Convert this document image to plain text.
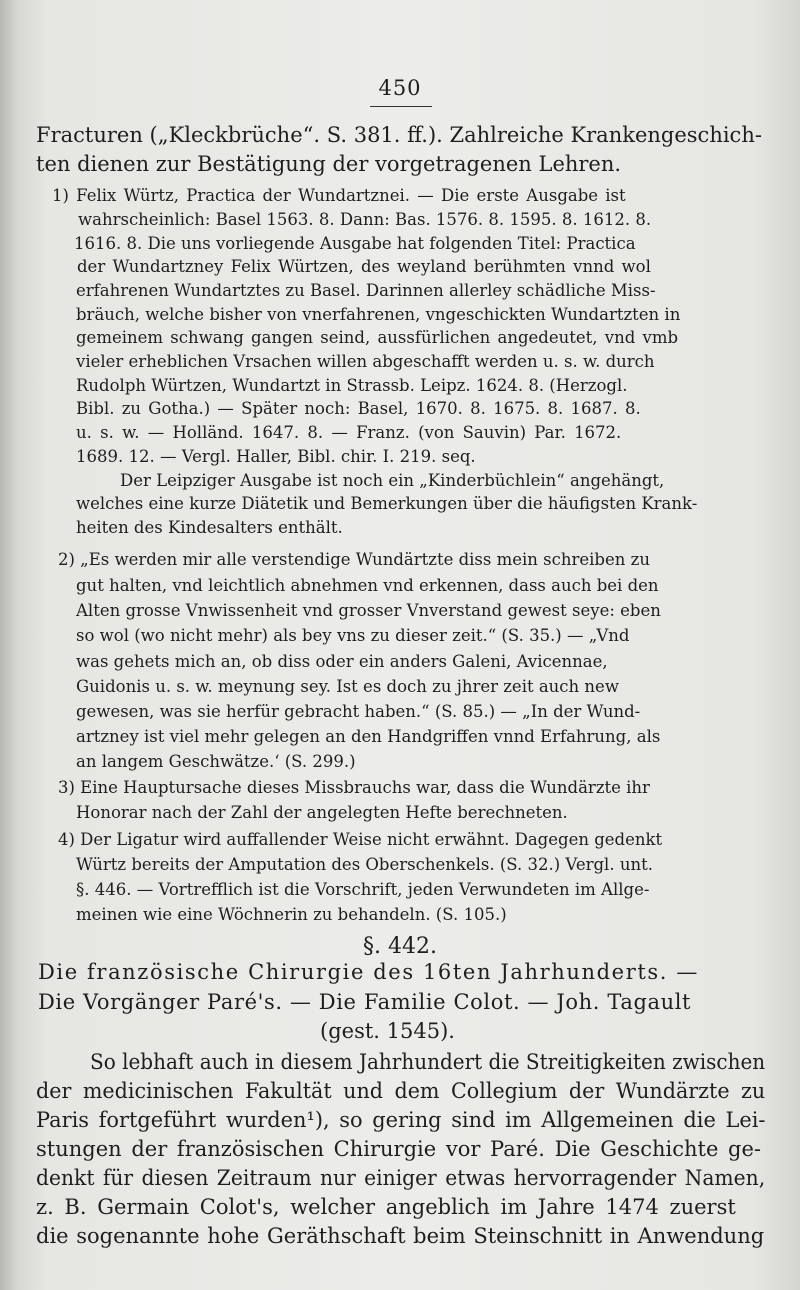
450
Fracturen („Kleckbrüche“. S. 381. ff.). Zahlreiche Krankengeschich-
ten dienen zur Bestätigung der vorgetragenen Lehren.
1) Felix Würtz, Practica der Wundartznei. — Die erste Ausgabe ist
wahrscheinlich: Basel 1563. 8. Dann: Bas. 1576. 8. 1595. 8. 1612. 8.
1616. 8. Die uns vorliegende Ausgabe hat folgenden Titel: Practica
der Wundartzney Felix Würtzen, des weyland berühmten vnnd wol
erfahrenen Wundartztes zu Basel. Darinnen allerley schädliche Miss-
bräuch, welche bisher von vnerfahrenen, vngeschickten Wundartzten in
gemeinem schwang gangen seind, aussfürlichen angedeutet, vnd vmb
vieler erheblichen Vrsachen willen abgeschafft werden u. s. w. durch
Rudolph Würtzen, Wundartzt in Strassb. Leipz. 1624. 8. (Herzogl.
Bibl. zu Gotha.) — Später noch: Basel, 1670. 8. 1675. 8. 1687. 8.
u. s. w. — Holländ. 1647. 8. — Franz. (von Sauvin) Par. 1672.
1689. 12. — Vergl. Haller, Bibl. chir. I. 219. seq.
Der Leipziger Ausgabe ist noch ein „Kinderbüchlein“ angehängt,
welches eine kurze Diätetik und Bemerkungen über die häufigsten Krank-
heiten des Kindesalters enthält.
2) „Es werden mir alle verstendige Wundärtzte diss mein schreiben zu
gut halten, vnd leichtlich abnehmen vnd erkennen, dass auch bei den
Alten grosse Vnwissenheit vnd grosser Vnverstand gewest seye: eben
so wol (wo nicht mehr) als bey vns zu dieser zeit.“ (S. 35.) — „Vnd
was gehets mich an, ob diss oder ein anders Galeni, Avicennae,
Guidonis u. s. w. meynung sey. Ist es doch zu jhrer zeit auch new
gewesen, was sie herfür gebracht haben.“ (S. 85.) — „In der Wund-
artzney ist viel mehr gelegen an den Handgriffen vnnd Erfahrung, als
an langem Geschwätze.‘ (S. 299.)
3) Eine Hauptursache dieses Missbrauchs war, dass die Wundärzte ihr
Honorar nach der Zahl der angelegten Hefte berechneten.
4) Der Ligatur wird auffallender Weise nicht erwähnt. Dagegen gedenkt
Würtz bereits der Amputation des Oberschenkels. (S. 32.) Vergl. unt.
§. 446. — Vortrefflich ist die Vorschrift, jeden Verwundeten im Allge-
meinen wie eine Wöchnerin zu behandeln. (S. 105.)
§. 442.
Die französische Chirurgie des 16ten Jahrhunderts. —
Die Vorgänger Paré's. — Die Familie Colot. — Joh. Tagault
(gest. 1545).
So lebhaft auch in diesem Jahrhundert die Streitigkeiten zwischen
der medicinischen Fakultät und dem Collegium der Wundärzte zu
Paris fortgeführt wurden¹), so gering sind im Allgemeinen die Lei-
stungen der französischen Chirurgie vor Paré. Die Geschichte ge-
denkt für diesen Zeitraum nur einiger etwas hervorragender Namen,
z. B. Germain Colot's, welcher angeblich im Jahre 1474 zuerst
die sogenannte hohe Geräthschaft beim Steinschnitt in Anwendung
